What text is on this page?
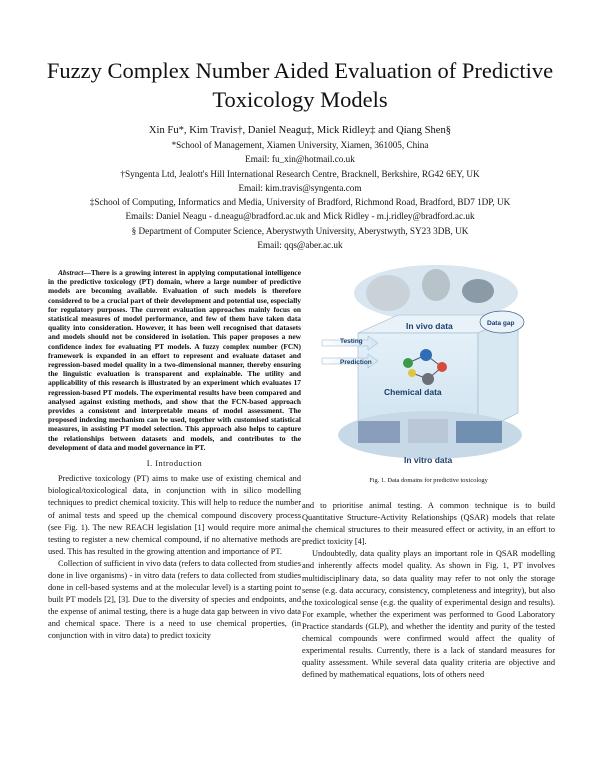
Fuzzy Complex Number Aided Evaluation of Predictive Toxicology Models
Xin Fu*, Kim Travis†, Daniel Neagu‡, Mick Ridley‡ and Qiang Shen§
*School of Management, Xiamen University, Xiamen, 361005, China
Email: fu_xin@hotmail.co.uk
†Syngenta Ltd, Jealott's Hill International Research Centre, Bracknell, Berkshire, RG42 6EY, UK
Email: kim.travis@syngenta.com
‡School of Computing, Informatics and Media, University of Bradford, Richmond Road, Bradford, BD7 1DP, UK
Emails: Daniel Neagu - d.neagu@bradford.ac.uk and Mick Ridley - m.j.ridley@bradford.ac.uk
§ Department of Computer Science, Aberystwyth University, Aberystwyth, SY23 3DB, UK
Email: qqs@aber.ac.uk
Abstract—There is a growing interest in applying computational intelligence in the predictive toxicology (PT) domain, where a large number of predictive models are becoming available. Evaluation of such models is therefore considered to be a crucial part of their development and potential use, especially for regulatory purposes. The current evaluation approaches mainly focus on statistical measures of model performance, and few of them have taken data quality into consideration. However, it has been well recognised that datasets and models should not be considered in isolation. This paper proposes a new confidence index for evaluating PT models. A fuzzy complex number (FCN) framework is expanded in an effort to represent and evaluate dataset and regression-based model quality in a two-dimensional manner, thereby ensuring the linguistic evaluation is transparent and explainable. The utility and applicability of this research is illustrated by an experiment which evaluates 17 regression-based PT models. The experimental results have been compared and analysed against existing methods, and show that the FCN-based approach provides a consistent and interpretable means of model assessment. The proposed indexing mechanism can be used, together with customised statistical measures, in assisting PT model selection. This approach also helps to capture the relationships between datasets and models, and contributes to the development of data and model governance in PT.
I. Introduction

Predictive toxicology (PT) aims to make use of existing chemical and biological/toxicological data, in conjunction with in silico modelling techniques to predict chemical toxicity. This will help to reduce the number of animal tests and speed up the chemical compound discovery process (see Fig. 1). The new REACH legislation [1] would require more animal testing to register a new chemical compound, if no alternative methods are used. This has resulted in the growing attention and importance of PT.

Collection of sufficient in vivo data (refers to data collected from studies done in live organisms) - in vitro data (refers to data collected from studies done in cell-based systems and at the molecular level) is a starting point to built PT models [2], [3]. Due to the diversity of species and endpoints, and the expense of animal testing, there is a huge data gap between in vivo data and chemical space. There is a need to use chemical properties, (in conjunction with in vitro data) to predict toxicity

In vivo data	Data gap
Testing
Prediction
Chemical data
In vitro data
Fig. 1. Data domains for predictive toxicology

and to prioritise animal testing. A common technique is to build Quantitative Structure-Activity Relationships (QSAR) models that relate the chemical structures to their measured effect or activity, in an effort to predict toxicity [4].

Undoubtedly, data quality plays an important role in QSAR modelling and inherently affects model quality. As shown in Fig. 1, PT involves multidisciplinary data, so data quality may refer to not only the storage sense (e.g. data accuracy, consistency, completeness and integrity), but also the toxicological sense (e.g. the quality of experimental design and results). For example, whether the experiment was performed to Good Laboratory Practice standards (GLP), and whether the identity and purity of the tested chemical compounds were confirmed would affect the quality of experimental results. Currently, there is a lack of standard measures for quality assessment. While several data quality criteria are objective and defined by mathematical equations, lots of others need
